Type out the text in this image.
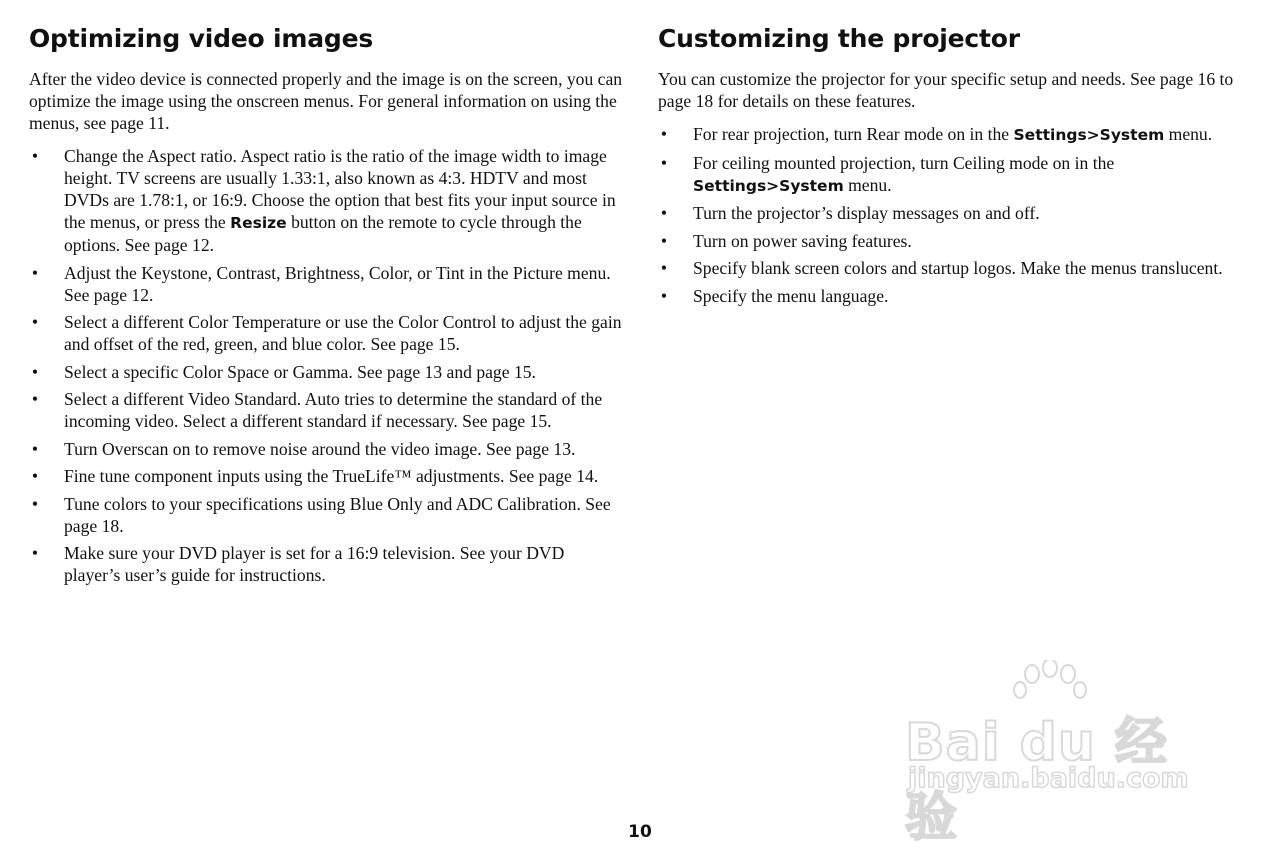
Optimizing video images

After the video device is connected properly and the image is on the screen, you can optimize the image using the onscreen menus. For general information on using the menus, see page 11.

• Change the Aspect ratio. Aspect ratio is the ratio of the image width to image height. TV screens are usually 1.33:1, also known as 4:3. HDTV and most DVDs are 1.78:1, or 16:9. Choose the option that best fits your input source in the menus, or press the Resize button on the remote to cycle through the options. See page 12.
• Adjust the Keystone, Contrast, Brightness, Color, or Tint in the Picture menu. See page 12.
• Select a different Color Temperature or use the Color Control to adjust the gain and offset of the red, green, and blue color. See page 15.
• Select a specific Color Space or Gamma. See page 13 and page 15.
• Select a different Video Standard. Auto tries to determine the standard of the incoming video. Select a different standard if necessary. See page 15.
• Turn Overscan on to remove noise around the video image. See page 13.
• Fine tune component inputs using the TrueLife™ adjustments. See page 14.
• Tune colors to your specifications using Blue Only and ADC Calibration. See page 18.
• Make sure your DVD player is set for a 16:9 television. See your DVD player’s user’s guide for instructions.
Customizing the projector

You can customize the projector for your specific setup and needs. See page 16 to page 18 for details on these features.

• For rear projection, turn Rear mode on in the Settings>System menu.
• For ceiling mounted projection, turn Ceiling mode on in the Settings>System menu.
• Turn the projector’s display messages on and off.
• Turn on power saving features.
• Specify blank screen colors and startup logos. Make the menus translucent.
• Specify the menu language.
Bai du 经验
jingyan.baidu.com
10
